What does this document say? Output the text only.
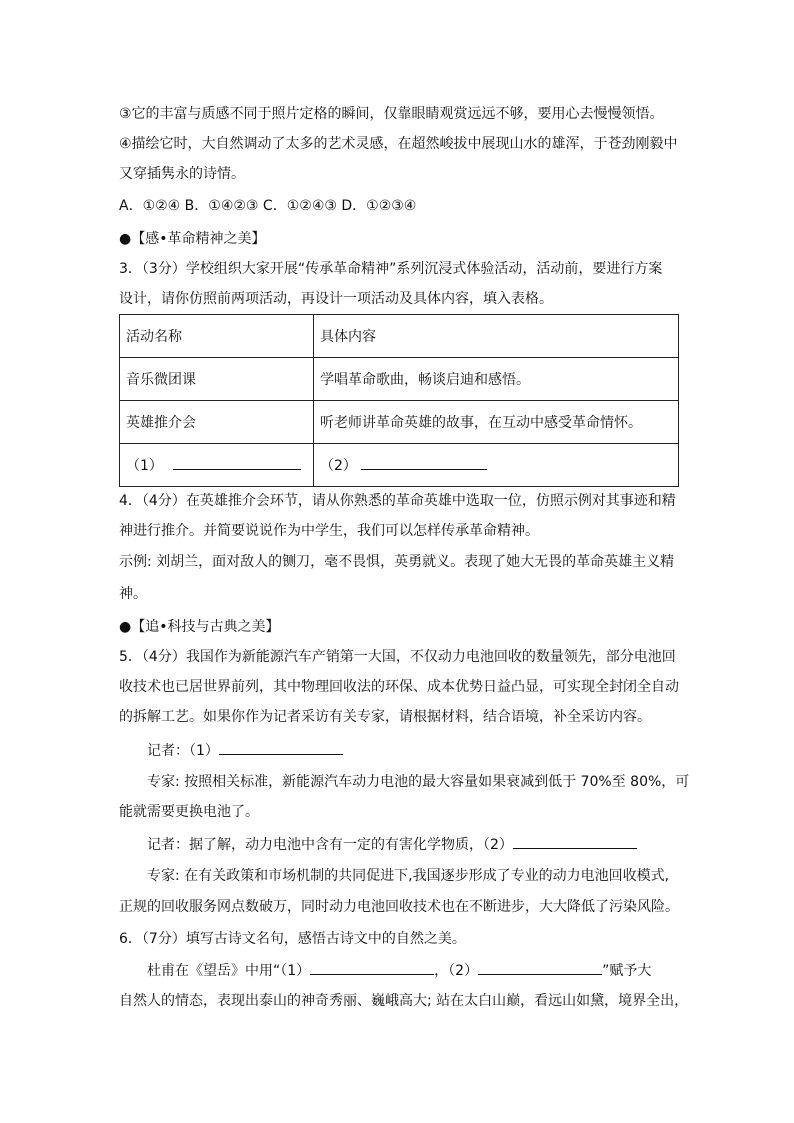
③它的丰富与质感不同于照片定格的瞬间，仅靠眼睛观赏远远不够，要用心去慢慢领悟。
④描绘它时，大自然调动了太多的艺术灵感，在超然峻拔中展现山水的雄浑，于苍劲刚毅中
又穿插隽永的诗情。
A．①②④ B．①④②③ C．①②④③ D．①②③④
●【感•革命精神之美】
3．（3分）学校组织大家开展“传承革命精神”系列沉浸式体验活动，活动前，要进行方案
设计，请你仿照前两项活动，再设计一项活动及具体内容，填入表格。
活动名称	具体内容
音乐微团课	学唱革命歌曲，畅谈启迪和感悟。
英雄推介会	听老师讲革命英雄的故事，在互动中感受革命情怀。
（1）	（2）
4．（4分）在英雄推介会环节，请从你熟悉的革命英雄中选取一位，仿照示例对其事迹和精
神进行推介。并简要说说作为中学生，我们可以怎样传承革命精神。
示例: 刘胡兰，面对敌人的铡刀，毫不畏惧，英勇就义。表现了她大无畏的革命英雄主义精
神。
●【追•科技与古典之美】
5．（4分）我国作为新能源汽车产销第一大国，不仅动力电池回收的数量领先，部分电池回
收技术也已居世界前列，其中物理回收法的环保、成本优势日益凸显，可实现全封闭全自动
的拆解工艺。如果你作为记者采访有关专家，请根据材料，结合语境，补全采访内容。
记者：（1）
专家: 按照相关标准，新能源汽车动力电池的最大容量如果衰减到低于 70%至 80%，可
能就需要更换电池了。
记者：据了解，动力电池中含有一定的有害化学物质，（2）
专家: 在有关政策和市场机制的共同促进下,我国逐步形成了专业的动力电池回收模式,
正规的回收服务网点数破万，同时动力电池回收技术也在不断进步，大大降低了污染风险。
6．（7分）填写古诗文名句，感悟古诗文中的自然之美。
杜甫在《望岳》中用“（1）	，（2）	”赋予大
自然人的情态，表现出泰山的神奇秀丽、巍峨高大; 站在太白山巅，看远山如黛，境界全出，
